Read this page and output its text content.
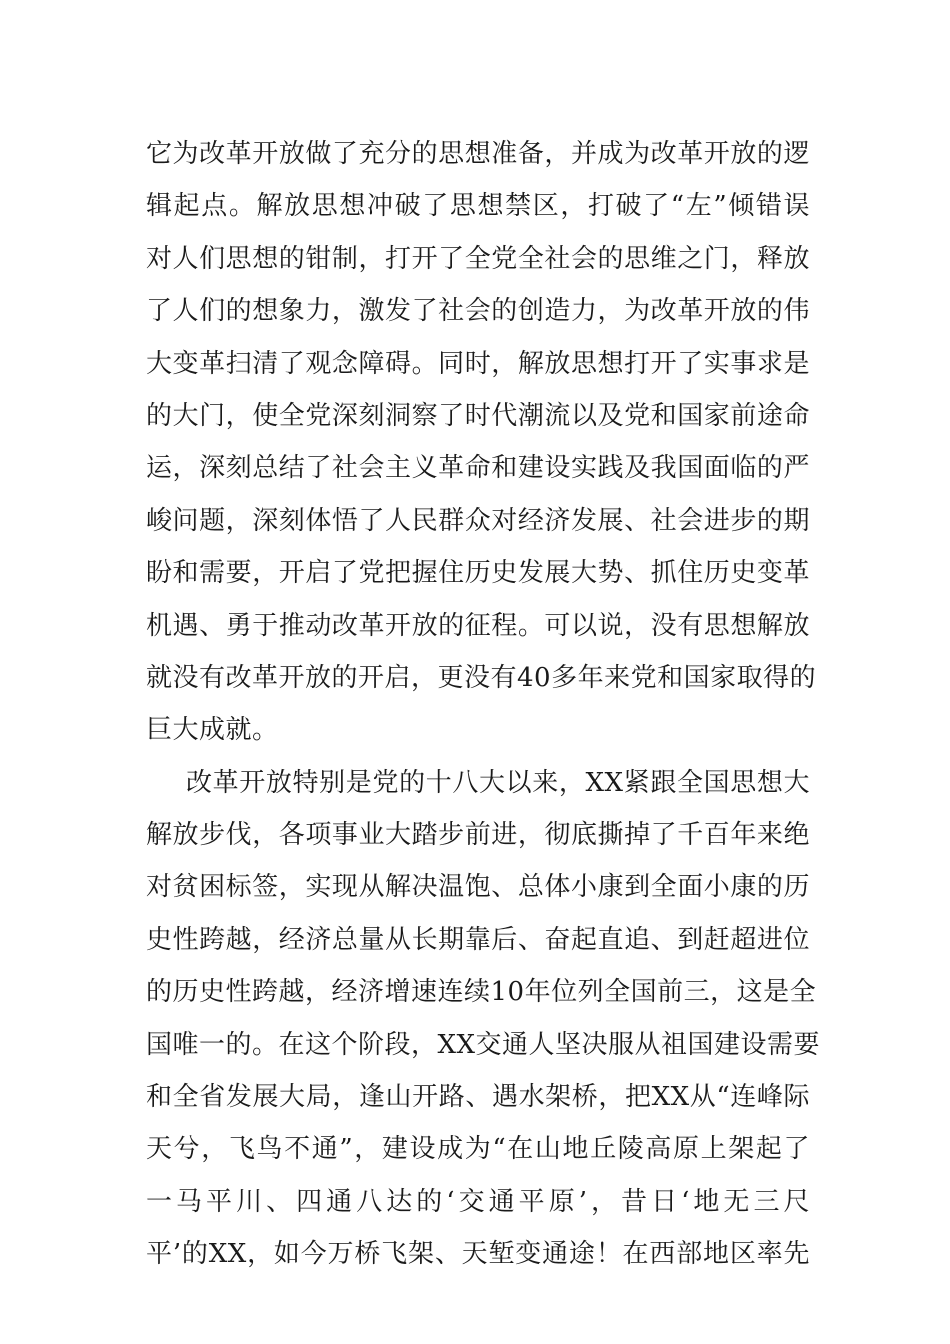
它为改革开放做了充分的思想准备，并成为改革开放的逻
辑起点。解放思想冲破了思想禁区，打破了“左”倾错误
对人们思想的钳制，打开了全党全社会的思维之门，释放
了人们的想象力，激发了社会的创造力，为改革开放的伟
大变革扫清了观念障碍。同时，解放思想打开了实事求是
的大门，使全党深刻洞察了时代潮流以及党和国家前途命
运，深刻总结了社会主义革命和建设实践及我国面临的严
峻问题，深刻体悟了人民群众对经济发展、社会进步的期
盼和需要，开启了党把握住历史发展大势、抓住历史变革
机遇、勇于推动改革开放的征程。可以说，没有思想解放
就没有改革开放的开启，更没有40多年来党和国家取得的
巨大成就。
改革开放特别是党的十八大以来，XX紧跟全国思想大
解放步伐，各项事业大踏步前进，彻底撕掉了千百年来绝
对贫困标签，实现从解决温饱、总体小康到全面小康的历
史性跨越，经济总量从长期靠后、奋起直追、到赶超进位
的历史性跨越，经济增速连续10年位列全国前三，这是全
国唯一的。在这个阶段，XX交通人坚决服从祖国建设需要
和全省发展大局，逢山开路、遇水架桥，把XX从“连峰际
天兮，飞鸟不通”，建设成为“在山地丘陵高原上架起了
一马平川、四通八达的‘交通平原’，昔日‘地无三尺
平’的XX，如今万桥飞架、天堑变通途！在西部地区率先
